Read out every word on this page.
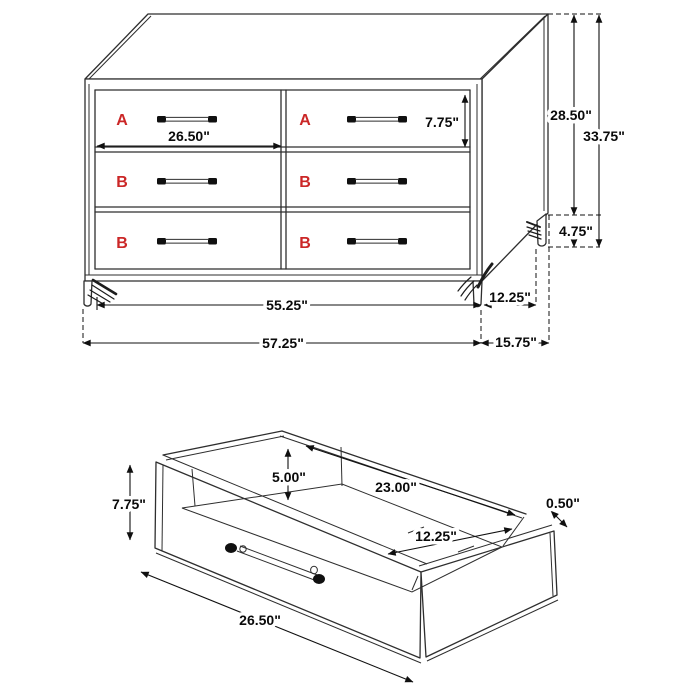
A	A
B	B
B	B
26.50"
7.75"	28.50"
33.75"
4.75"
55.25"	12.25"
57.25"	15.75"
7.75"
5.00"
23.00"
12.25"
0.50"
26.50"
